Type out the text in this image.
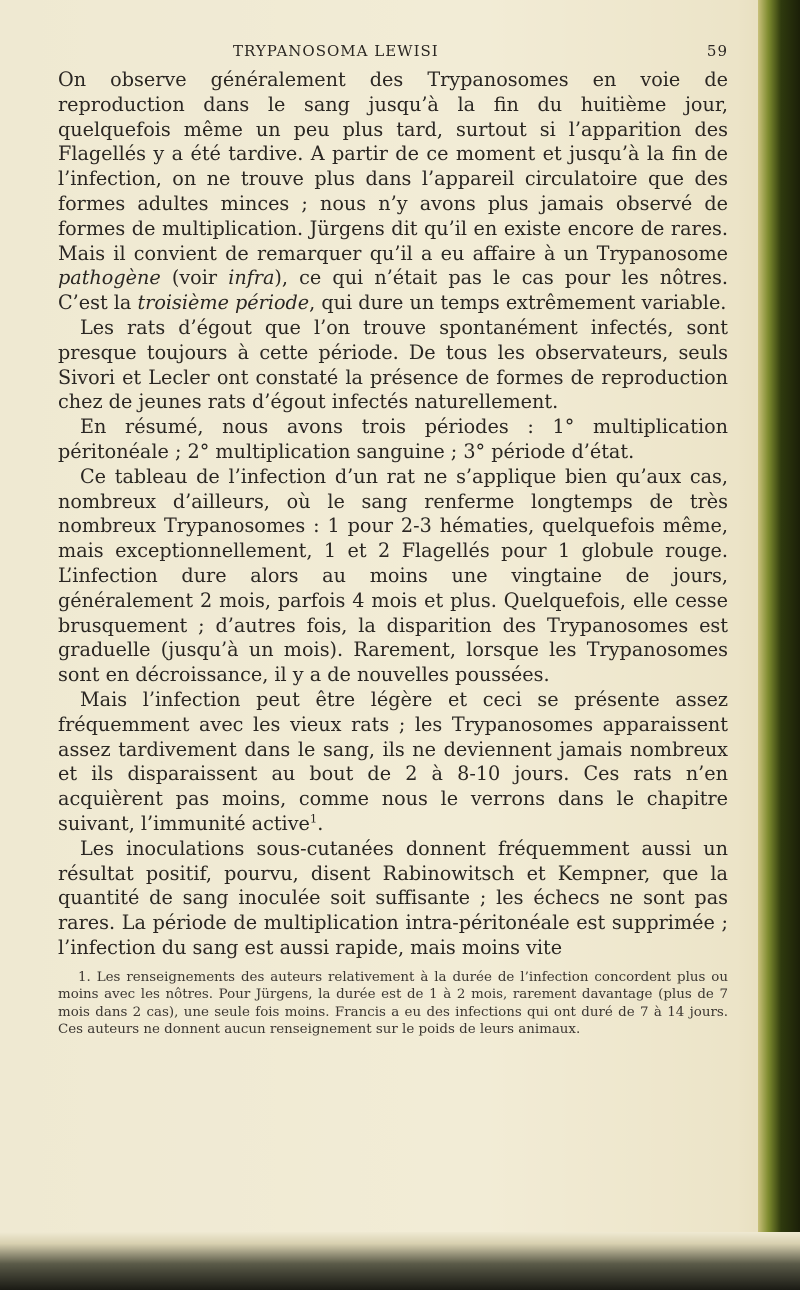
TRYPANOSOMA LEWISI	59

On observe généralement des Trypanosomes en voie de reproduction dans le sang jusqu’à la fin du huitième jour, quelquefois même un peu plus tard, surtout si l’apparition des Flagellés y a été tardive. A partir de ce moment et jusqu’à la fin de l’infection, on ne trouve plus dans l’appareil circulatoire que des formes adultes minces ; nous n’y avons plus jamais observé de formes de multiplication. Jürgens dit qu’il en existe encore de rares. Mais il convient de remarquer qu’il a eu affaire à un Trypanosome pathogène (voir infra), ce qui n’était pas le cas pour les nôtres. C’est la troisième période, qui dure un temps extrêmement variable.

Les rats d’égout que l’on trouve spontanément infectés, sont presque toujours à cette période. De tous les observateurs, seuls Sivori et Lecler ont constaté la présence de formes de reproduction chez de jeunes rats d’égout infectés naturellement.

En résumé, nous avons trois périodes : 1° multiplication péritonéale ; 2° multiplication sanguine ; 3° période d’état.

Ce tableau de l’infection d’un rat ne s’applique bien qu’aux cas, nombreux d’ailleurs, où le sang renferme longtemps de très nombreux Trypanosomes : 1 pour 2-3 hématies, quelquefois même, mais exceptionnellement, 1 et 2 Flagellés pour 1 globule rouge. L’infection dure alors au moins une vingtaine de jours, généralement 2 mois, parfois 4 mois et plus. Quelquefois, elle cesse brusquement ; d’autres fois, la disparition des Trypanosomes est graduelle (jusqu’à un mois). Rarement, lorsque les Trypanosomes sont en décroissance, il y a de nouvelles poussées.

Mais l’infection peut être légère et ceci se présente assez fréquemment avec les vieux rats ; les Trypanosomes apparaissent assez tardivement dans le sang, ils ne deviennent jamais nombreux et ils disparaissent au bout de 2 à 8-10 jours. Ces rats n’en acquièrent pas moins, comme nous le verrons dans le chapitre suivant, l’immunité active$^1$.

Les inoculations sous-cutanées donnent fréquemment aussi un résultat positif, pourvu, disent Rabinowitsch et Kempner, que la quantité de sang inoculée soit suffisante ; les échecs ne sont pas rares. La période de multiplication intra-péritonéale est supprimée ; l’infection du sang est aussi rapide, mais moins vite

1. Les renseignements des auteurs relativement à la durée de l’infection concordent plus ou moins avec les nôtres. Pour Jürgens, la durée est de 1 à 2 mois, rarement davantage (plus de 7 mois dans 2 cas), une seule fois moins. Francis a eu des infections qui ont duré de 7 à 14 jours. Ces auteurs ne donnent aucun renseignement sur le poids de leurs animaux.
